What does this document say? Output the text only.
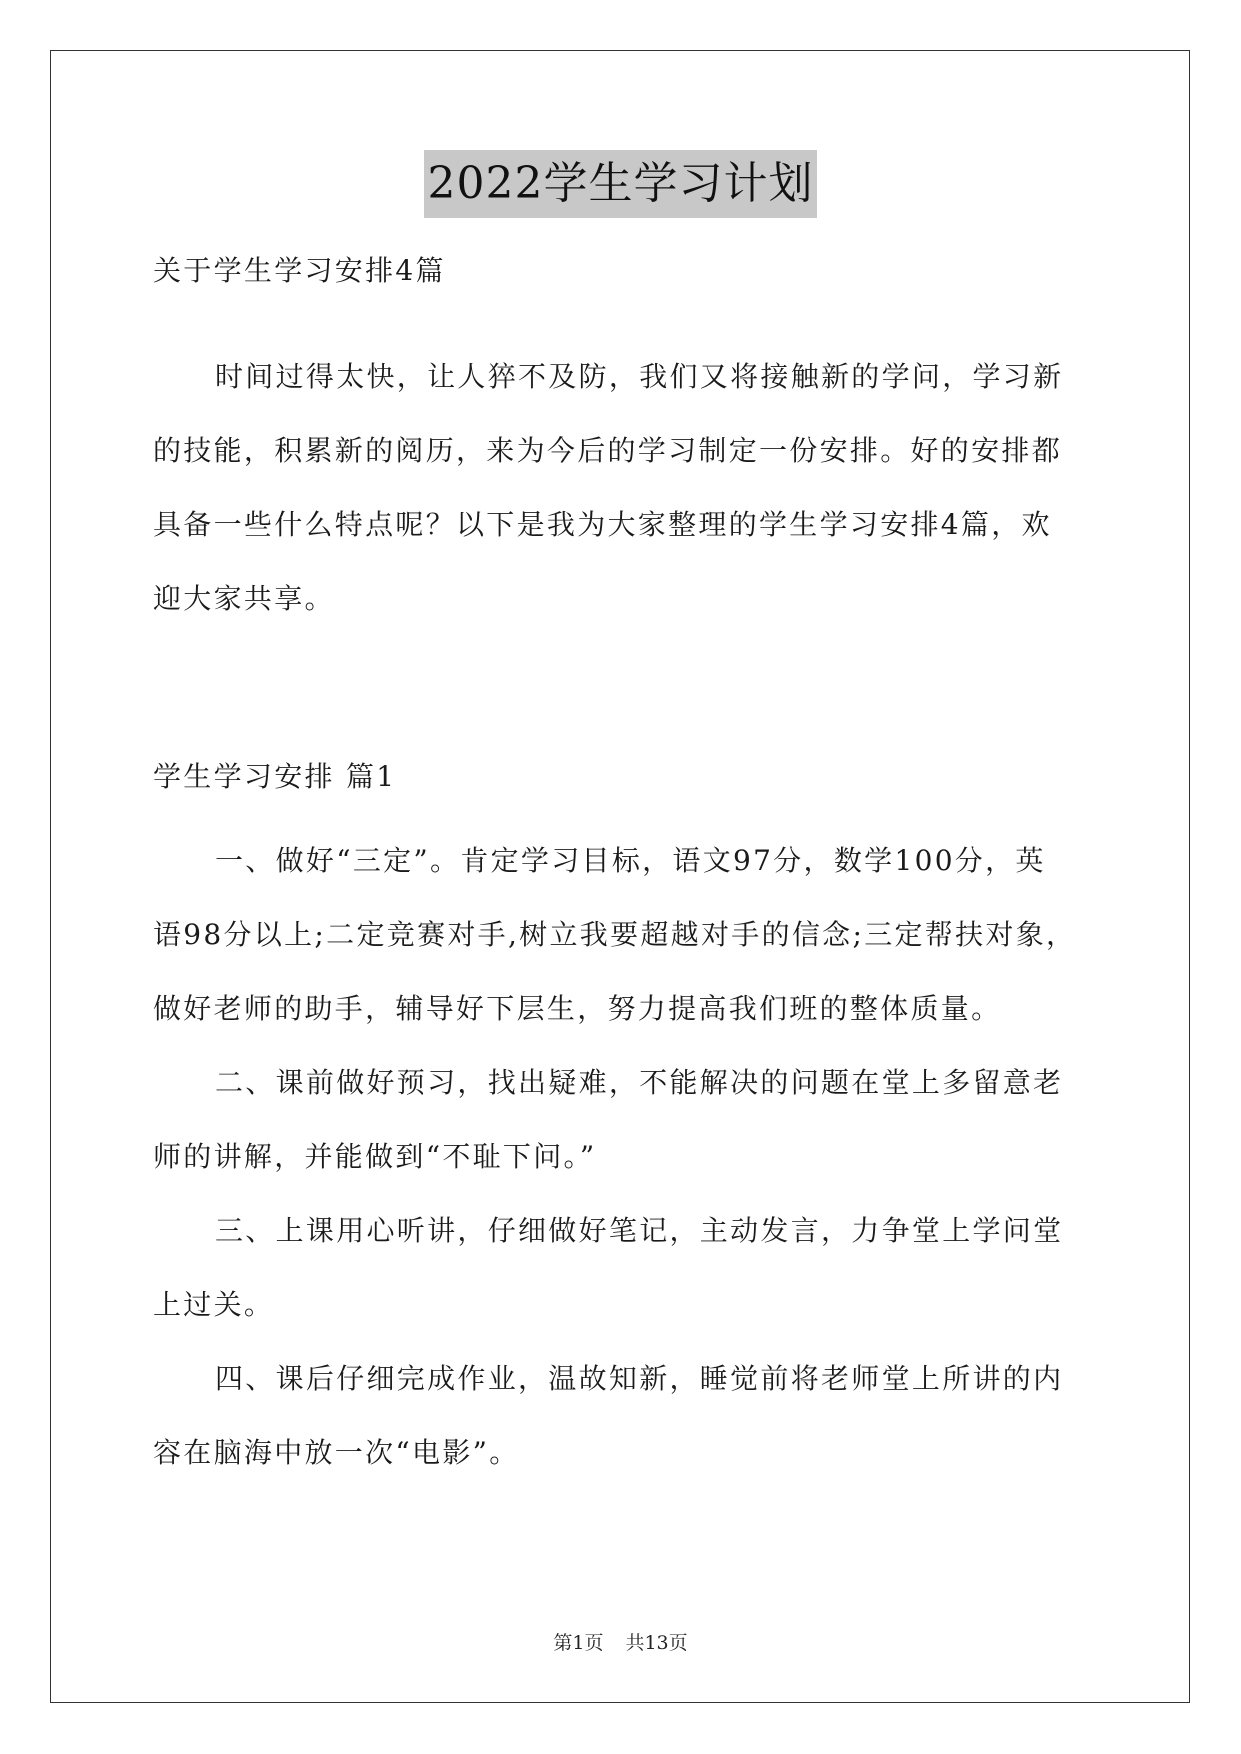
2022学生学习计划

关于学生学习安排4篇

时间过得太快，让人猝不及防，我们又将接触新的学问，学习新

的技能，积累新的阅历，来为今后的学习制定一份安排。好的安排都

具备一些什么特点呢？以下是我为大家整理的学生学习安排4篇，欢

迎大家共享。

学生学习安排 篇1

一、做好“三定”。肯定学习目标，语文97分，数学100分，英

语98分以上;二定竞赛对手,树立我要超越对手的信念;三定帮扶对象，

做好老师的助手，辅导好下层生，努力提高我们班的整体质量。

二、课前做好预习，找出疑难，不能解决的问题在堂上多留意老

师的讲解，并能做到“不耻下问。”

三、上课用心听讲，仔细做好笔记，主动发言，力争堂上学问堂

上过关。

四、课后仔细完成作业，温故知新，睡觉前将老师堂上所讲的内

容在脑海中放一次“电影”。

第1页 共13页
